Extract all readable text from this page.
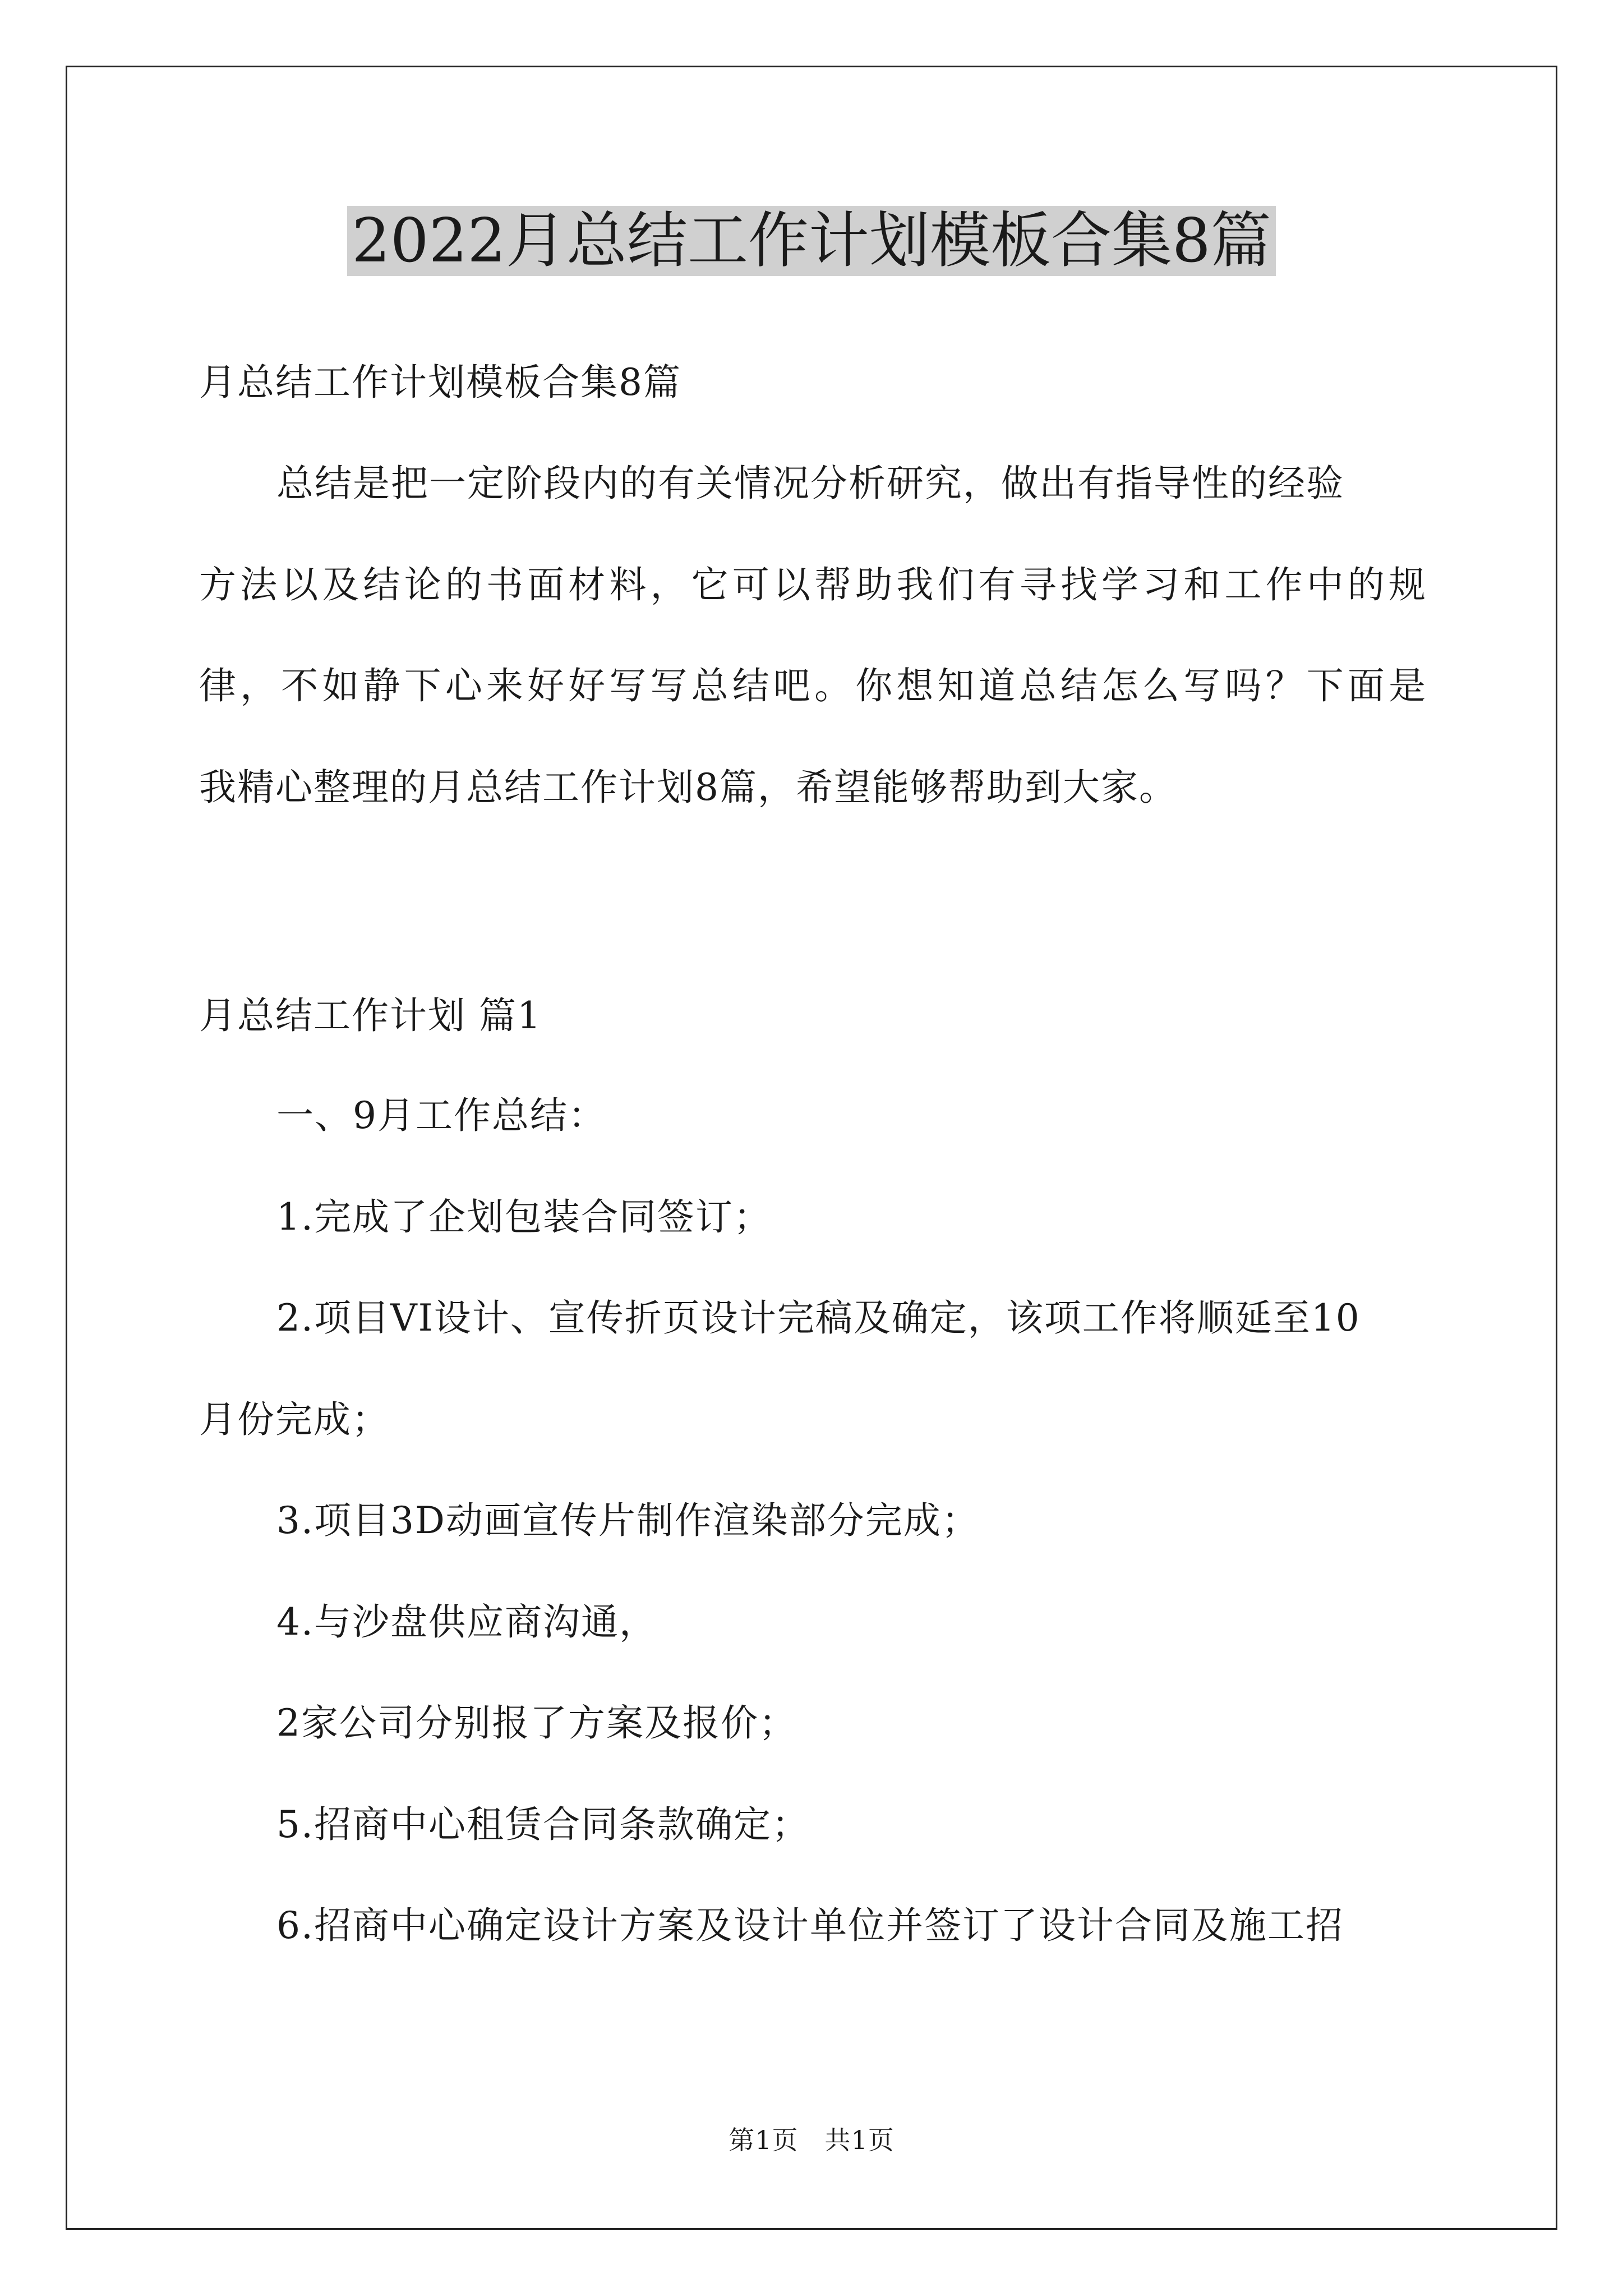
2022月总结工作计划模板合集8篇
月总结工作计划模板合集8篇
总结是把一定阶段内的有关情况分析研究，做出有指导性的经验
方法以及结论的书面材料，它可以帮助我们有寻找学习和工作中的规
律，不如静下心来好好写写总结吧。你想知道总结怎么写吗？下面是
我精心整理的月总结工作计划8篇，希望能够帮助到大家。
月总结工作计划 篇1
一、9月工作总结：
1.完成了企划包装合同签订；
2.项目VI设计、宣传折页设计完稿及确定，该项工作将顺延至10
月份完成；
3.项目3D动画宣传片制作渲染部分完成；
4.与沙盘供应商沟通，
2家公司分别报了方案及报价；
5.招商中心租赁合同条款确定；
6.招商中心确定设计方案及设计单位并签订了设计合同及施工招
第1页　共1页
